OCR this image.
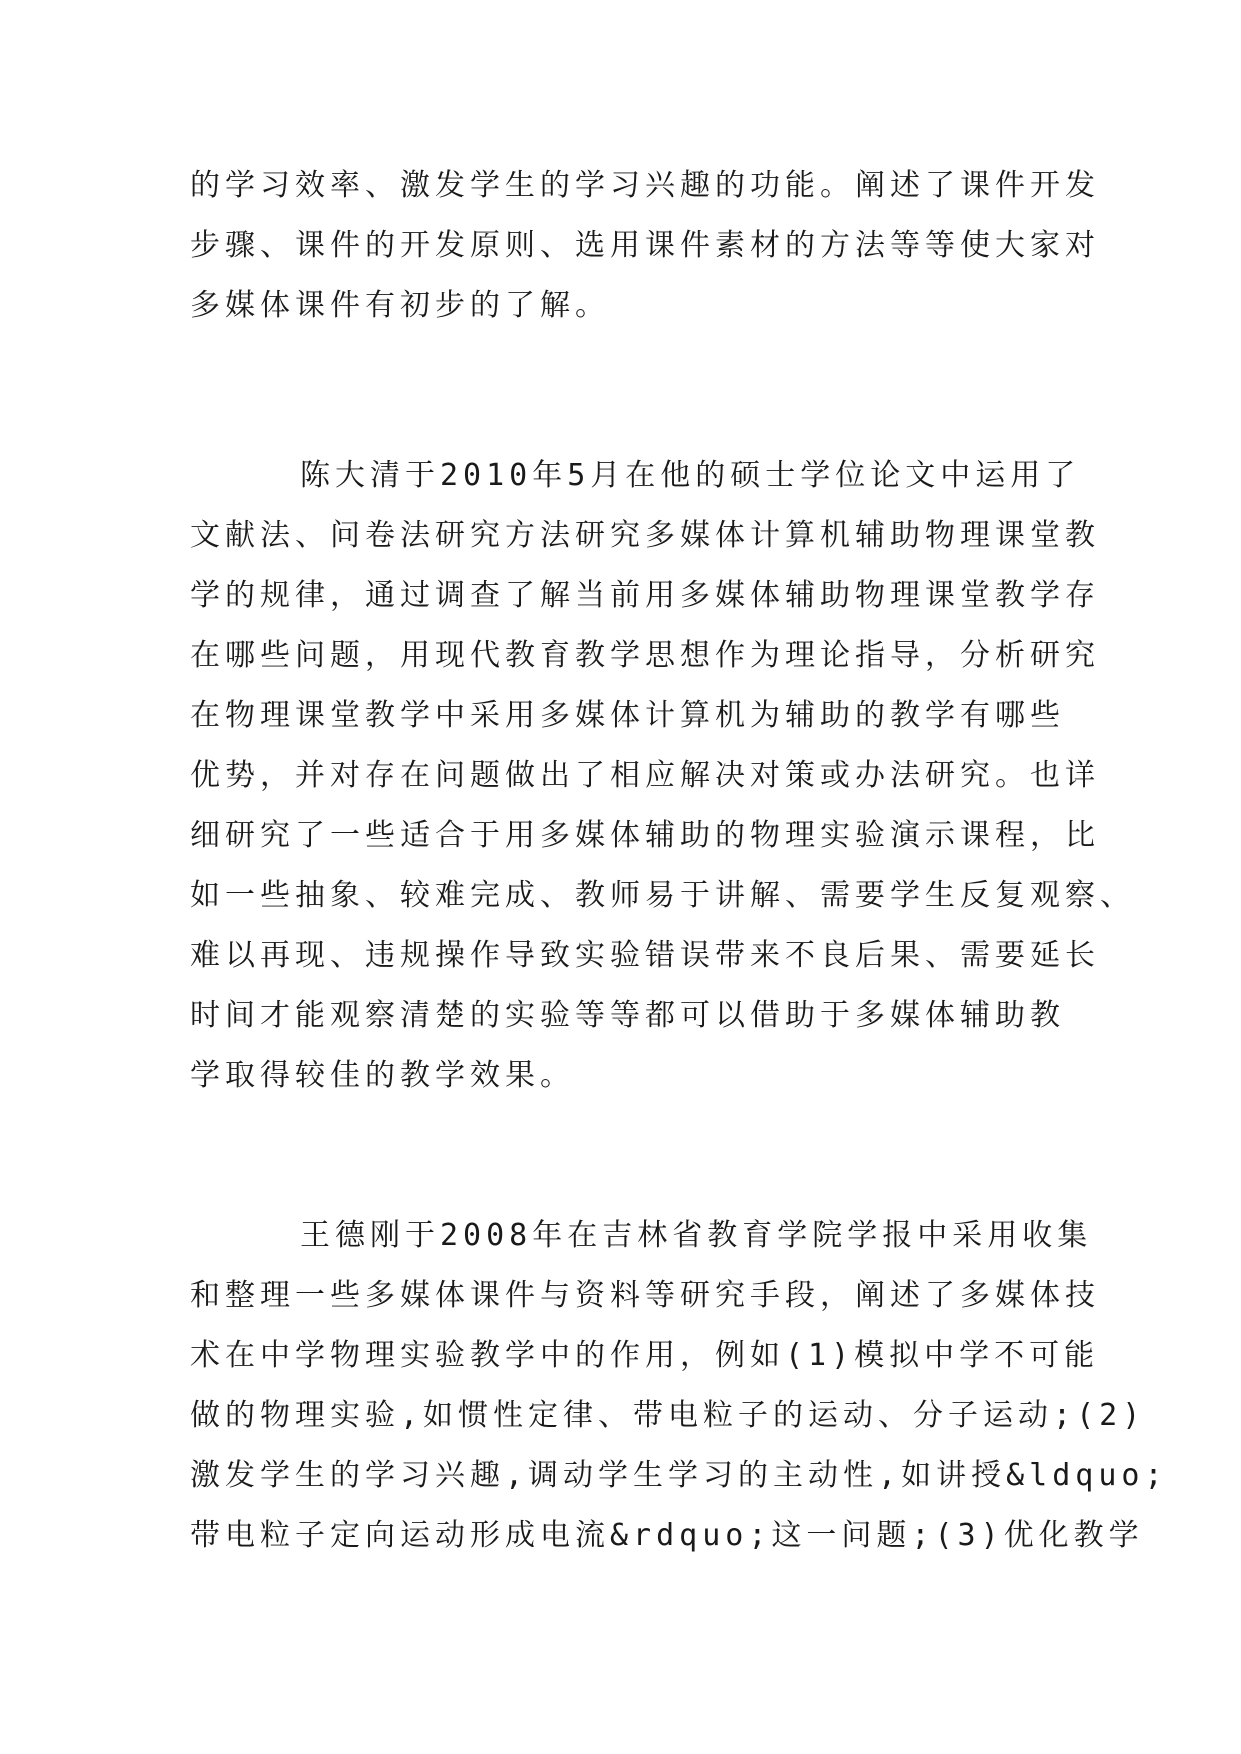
的学习效率、激发学生的学习兴趣的功能。阐述了课件开发
步骤、课件的开发原则、选用课件素材的方法等等使大家对
多媒体课件有初步的了解。
陈大清于2010年5月在他的硕士学位论文中运用了
文献法、问卷法研究方法研究多媒体计算机辅助物理课堂教
学的规律，通过调查了解当前用多媒体辅助物理课堂教学存
在哪些问题，用现代教育教学思想作为理论指导，分析研究
在物理课堂教学中采用多媒体计算机为辅助的教学有哪些
优势，并对存在问题做出了相应解决对策或办法研究。也详
细研究了一些适合于用多媒体辅助的物理实验演示课程，比
如一些抽象、较难完成、教师易于讲解、需要学生反复观察、
难以再现、违规操作导致实验错误带来不良后果、需要延长
时间才能观察清楚的实验等等都可以借助于多媒体辅助教
学取得较佳的教学效果。
王德刚于2008年在吉林省教育学院学报中采用收集
和整理一些多媒体课件与资料等研究手段，阐述了多媒体技
术在中学物理实验教学中的作用，例如(1)模拟中学不可能
做的物理实验,如惯性定律、带电粒子的运动、分子运动;(2)
激发学生的学习兴趣,调动学生学习的主动性,如讲授&ldquo;
带电粒子定向运动形成电流&rdquo;这一问题;(3)优化教学
